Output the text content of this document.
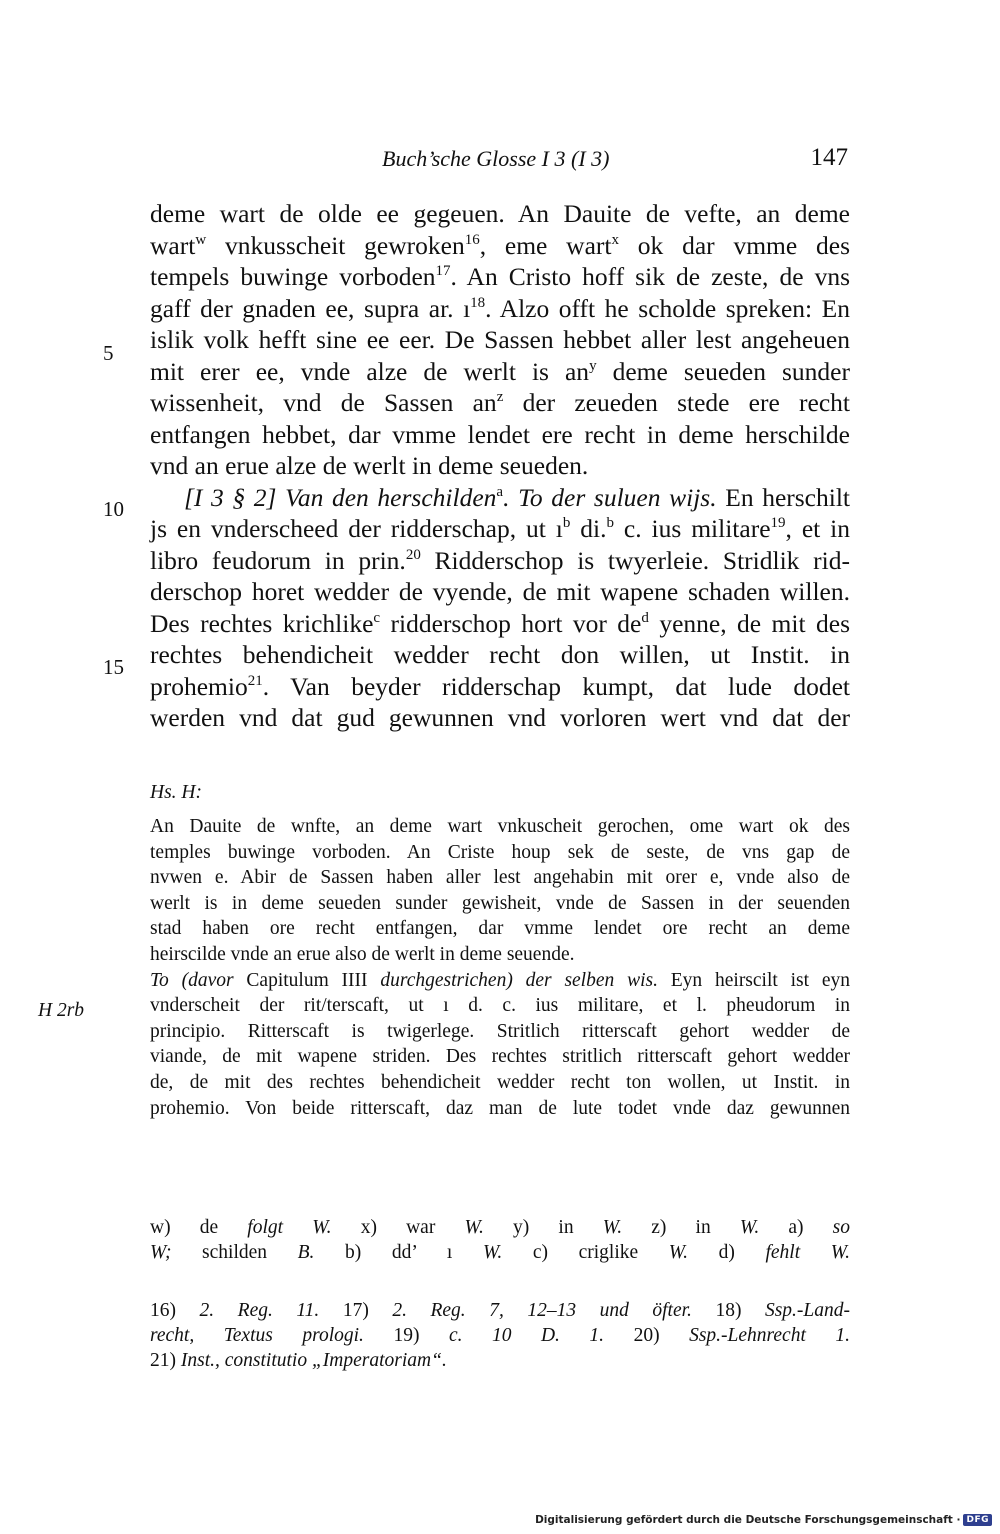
Buch’sche Glosse I 3 (I 3)	147
5
10
15
deme wart de olde ee gegeuen. An Dauite de vefte, an deme
wart$^w$ vnkusscheit gewroken$^{16}$, eme wart$^x$ ok dar vmme des
tempels buwinge vorboden$^{17}$. An Cristo hoff sik de zeste, de vns
gaff der gnaden ee, supra ar. $ı^{18}$. Alzo offt he scholde spreken: En
islik volk hefft sine ee eer. De Sassen hebbet aller lest angeheuen
mit erer ee, vnde alze de werlt is $an^y$ deme seueden sunder
wissenheit, vnd de Sassen $an^z$ der zeueden stede ere recht
entfangen hebbet, dar vmme lendet ere recht in deme herschilde
vnd an erue alze de werlt in deme seueden.
[I 3 § 2] Van den herschilden$^a$. To der suluen wijs. En herschilt
js en vnderscheed der ridderschap, ut $ı^b$ di.$^b$ c. ius militare$^{19}$, et in
libro feudorum in prin.$^{20}$ Ridderschop is twyerleie. Stridlik rid-
derschop horet wedder de vyende, de mit wapene schaden willen.
Des rechtes krichlike$^c$ ridderschop hort vor $de^d$ yenne, de mit des
rechtes behendicheit wedder recht don willen, ut Instit. in
prohemio$^{21}$. Van beyder ridderschap kumpt, dat lude dodet
werden vnd dat gud gewunnen vnd vorloren wert vnd dat der
H 2rb
Hs. H:
An Dauite de wnfte, an deme wart vnkuscheit gerochen, ome wart ok des
temples buwinge vorboden. An Criste houp sek de seste, de vns gap de
nvwen e. Abir de Sassen haben aller lest angehabin mit orer e, vnde also de
werlt is in deme seueden sunder gewisheit, vnde de Sassen in der seuenden
stad haben ore recht entfangen, dar vmme lendet ore recht an deme
heirscilde vnde an erue also de werlt in deme seuende.
To (davor Capitulum IIII durchgestrichen) der selben wis. Eyn heirscilt ist eyn
vnderscheit der rit/terscaft, ut ı d. c. ius militare, et l. pheudorum in
principio. Ritterscaft is twigerlege. Stritlich ritterscaft gehort wedder de
viande, de mit wapene striden. Des rechtes stritlich ritterscaft gehort wedder
de, de mit des rechtes behendicheit wedder recht ton wollen, ut Instit. in
prohemio. Von beide ritterscaft, daz man de lute todet vnde daz gewunnen
w) de folgt W. x) war W. y) in W. z) in W. a) so
W; schilden B. b) dd’ ı W. c) criglike W. d) fehlt W.
16) 2. Reg. 11. 17) 2. Reg. 7, 12–13 und öfter. 18) Ssp.-Land-
recht, Textus prologi. 19) c. 10 D. 1. 20) Ssp.-Lehnrecht 1.
21) Inst., constitutio „Imperatoriam“.
Digitalisierung gefördert durch die Deutsche Forschungsgemeinschaft · DFG
